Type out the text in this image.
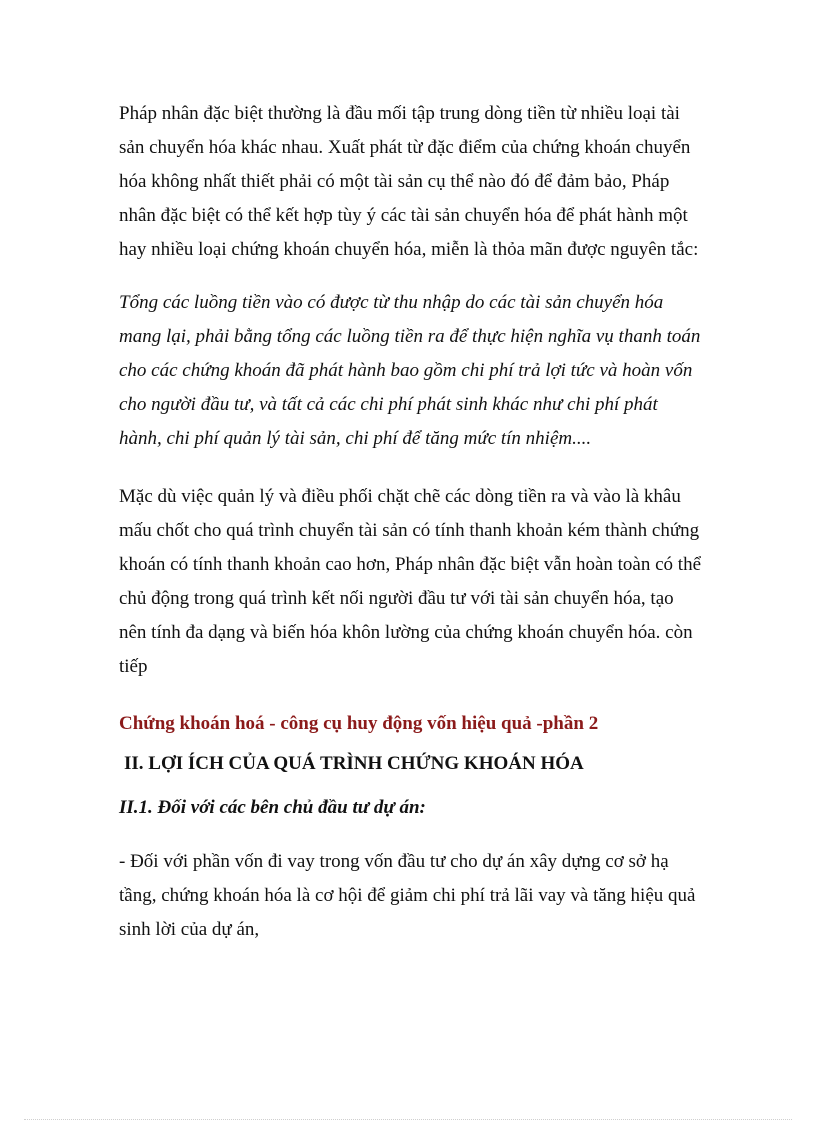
Pháp nhân đặc biệt thường là đầu mối tập trung dòng tiền từ nhiều loại tài
sản chuyển hóa khác nhau. Xuất phát từ đặc điểm của chứng khoán chuyển
hóa không nhất thiết phải có một tài sản cụ thể nào đó để đảm bảo, Pháp
nhân đặc biệt có thể kết hợp tùy ý các tài sản chuyển hóa để phát hành một
hay nhiều loại chứng khoán chuyển hóa, miễn là thỏa mãn được nguyên tắc:
Tổng các luồng tiền vào có được từ thu nhập do các tài sản chuyển hóa
mang lại, phải bằng tổng các luồng tiền ra để thực hiện nghĩa vụ thanh toán
cho các chứng khoán đã phát hành bao gồm chi phí trả lợi tức và hoàn vốn
cho người đầu tư, và tất cả các chi phí phát sinh khác như chi phí phát
hành, chi phí quản lý tài sản, chi phí để tăng mức tín nhiệm....
Mặc dù việc quản lý và điều phối chặt chẽ các dòng tiền ra và vào là khâu
mấu chốt cho quá trình chuyển tài sản có tính thanh khoản kém thành chứng
khoán có tính thanh khoản cao hơn, Pháp nhân đặc biệt vẫn hoàn toàn có thể
chủ động trong quá trình kết nối người đầu tư với tài sản chuyển hóa, tạo
nên tính đa dạng và biến hóa khôn lường của chứng khoán chuyển hóa. còn
tiếp
Chứng khoán hoá - công cụ huy động vốn hiệu quả -phần 2
II. LỢI ÍCH CỦA QUÁ TRÌNH CHỨNG KHOÁN HÓA
II.1. Đối với các bên chủ đầu tư dự án:
- Đối với phần vốn đi vay trong vốn đầu tư cho dự án xây dựng cơ sở hạ
tầng, chứng khoán hóa là cơ hội để giảm chi phí trả lãi vay và tăng hiệu quả
sinh lời của dự án,
